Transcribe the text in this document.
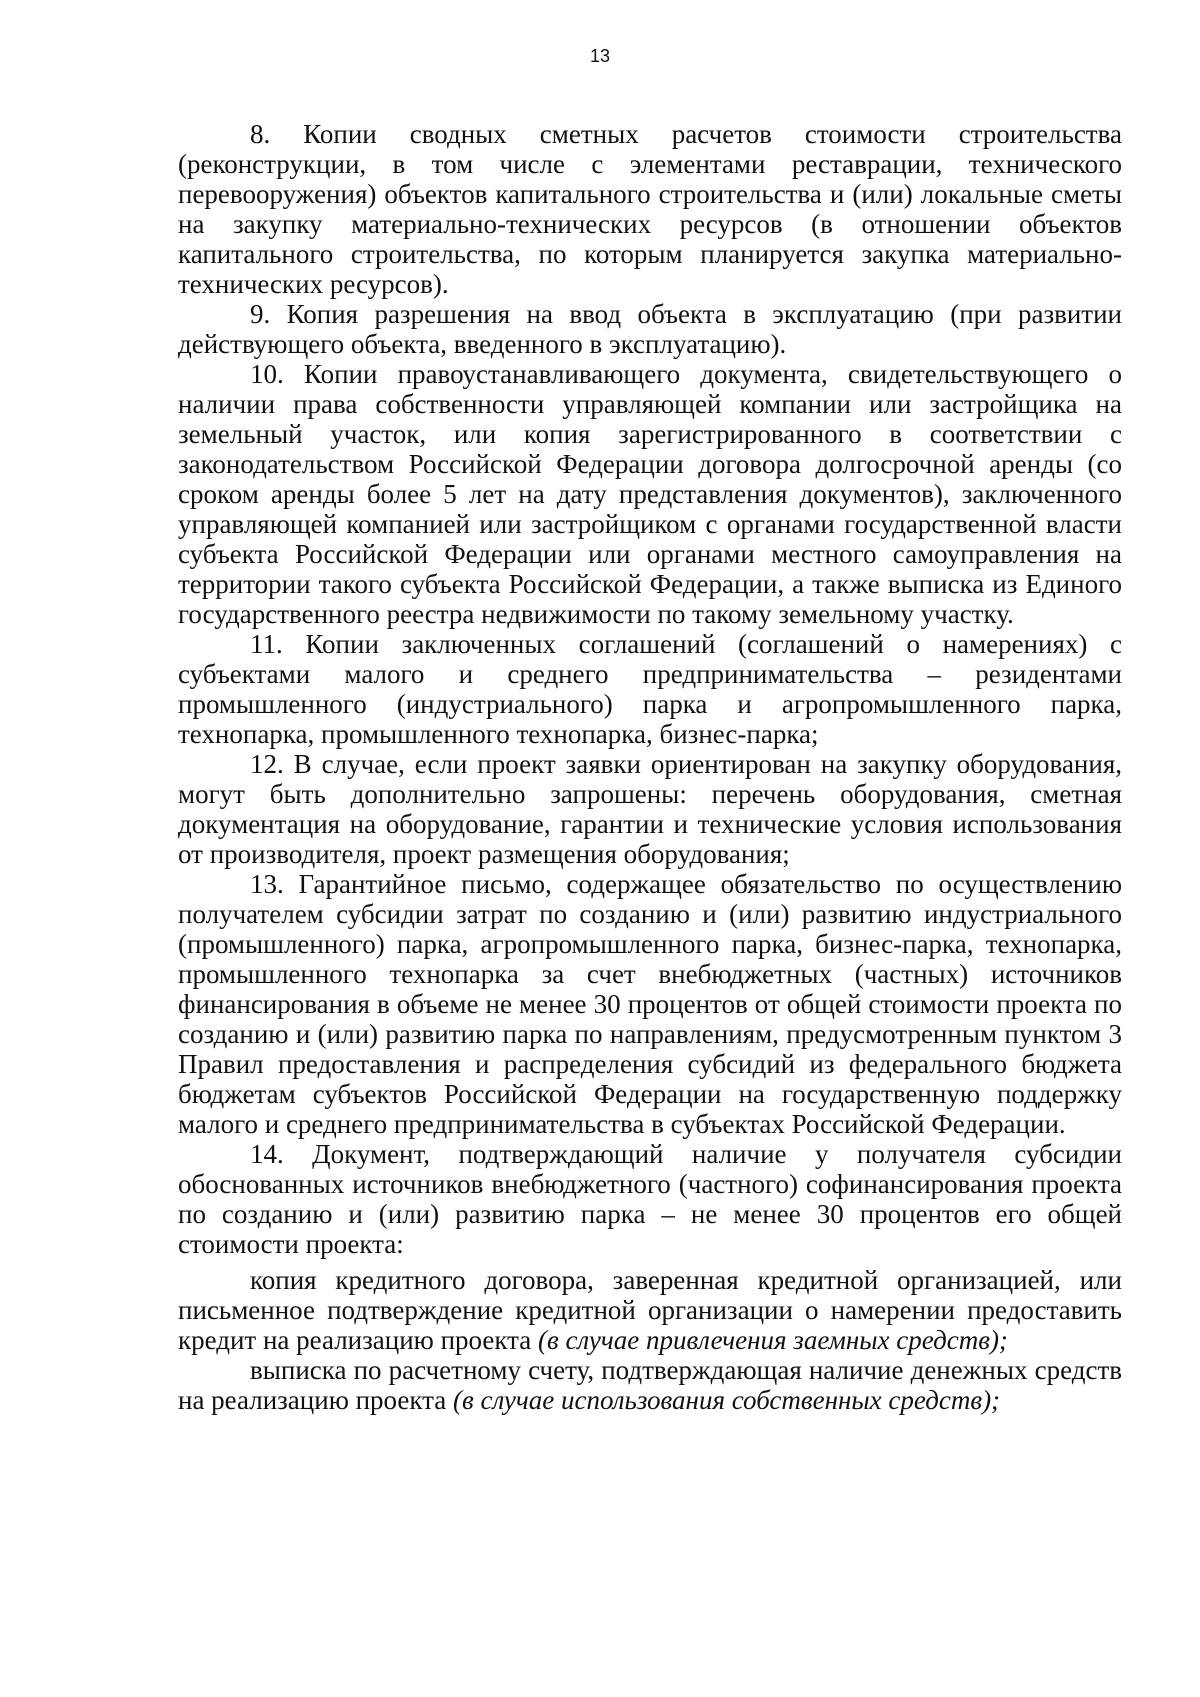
13

8. Копии сводных сметных расчетов стоимости строительства (реконструкции, в том числе с элементами реставрации, технического перевооружения) объектов капитального строительства и (или) локальные сметы на закупку материально-технических ресурсов (в отношении объектов капитального строительства, по которым планируется закупка материально-технических ресурсов).

9. Копия разрешения на ввод объекта в эксплуатацию (при развитии действующего объекта, введенного в эксплуатацию).

10. Копии правоустанавливающего документа, свидетельствующего о наличии права собственности управляющей компании или застройщика на земельный участок, или копия зарегистрированного в соответствии с законодательством Российской Федерации договора долгосрочной аренды (со сроком аренды более 5 лет на дату представления документов), заключенного управляющей компанией или застройщиком с органами государственной власти субъекта Российской Федерации или органами местного самоуправления на территории такого субъекта Российской Федерации, а также выписка из Единого государственного реестра недвижимости по такому земельному участку.

11. Копии заключенных соглашений (соглашений о намерениях) с субъектами малого и среднего предпринимательства – резидентами промышленного (индустриального) парка и агропромышленного парка, технопарка, промышленного технопарка, бизнес-парка;

12. В случае, если проект заявки ориентирован на закупку оборудования, могут быть дополнительно запрошены: перечень оборудования, сметная документация на оборудование, гарантии и технические условия использования от производителя, проект размещения оборудования;

13. Гарантийное письмо, содержащее обязательство по осуществлению получателем субсидии затрат по созданию и (или) развитию индустриального (промышленного) парка, агропромышленного парка, бизнес-парка, технопарка, промышленного технопарка за счет внебюджетных (частных) источников финансирования в объеме не менее 30 процентов от общей стоимости проекта по созданию и (или) развитию парка по направлениям, предусмотренным пунктом 3 Правил предоставления и распределения субсидий из федерального бюджета бюджетам субъектов Российской Федерации на государственную поддержку малого и среднего предпринимательства в субъектах Российской Федерации.

14. Документ, подтверждающий наличие у получателя субсидии обоснованных источников внебюджетного (частного) софинансирования проекта по созданию и (или) развитию парка – не менее 30 процентов его общей стоимости проекта:

копия кредитного договора, заверенная кредитной организацией, или письменное подтверждение кредитной организации о намерении предоставить кредит на реализацию проекта (в случае привлечения заемных средств);

выписка по расчетному счету, подтверждающая наличие денежных средств на реализацию проекта (в случае использования собственных средств);
